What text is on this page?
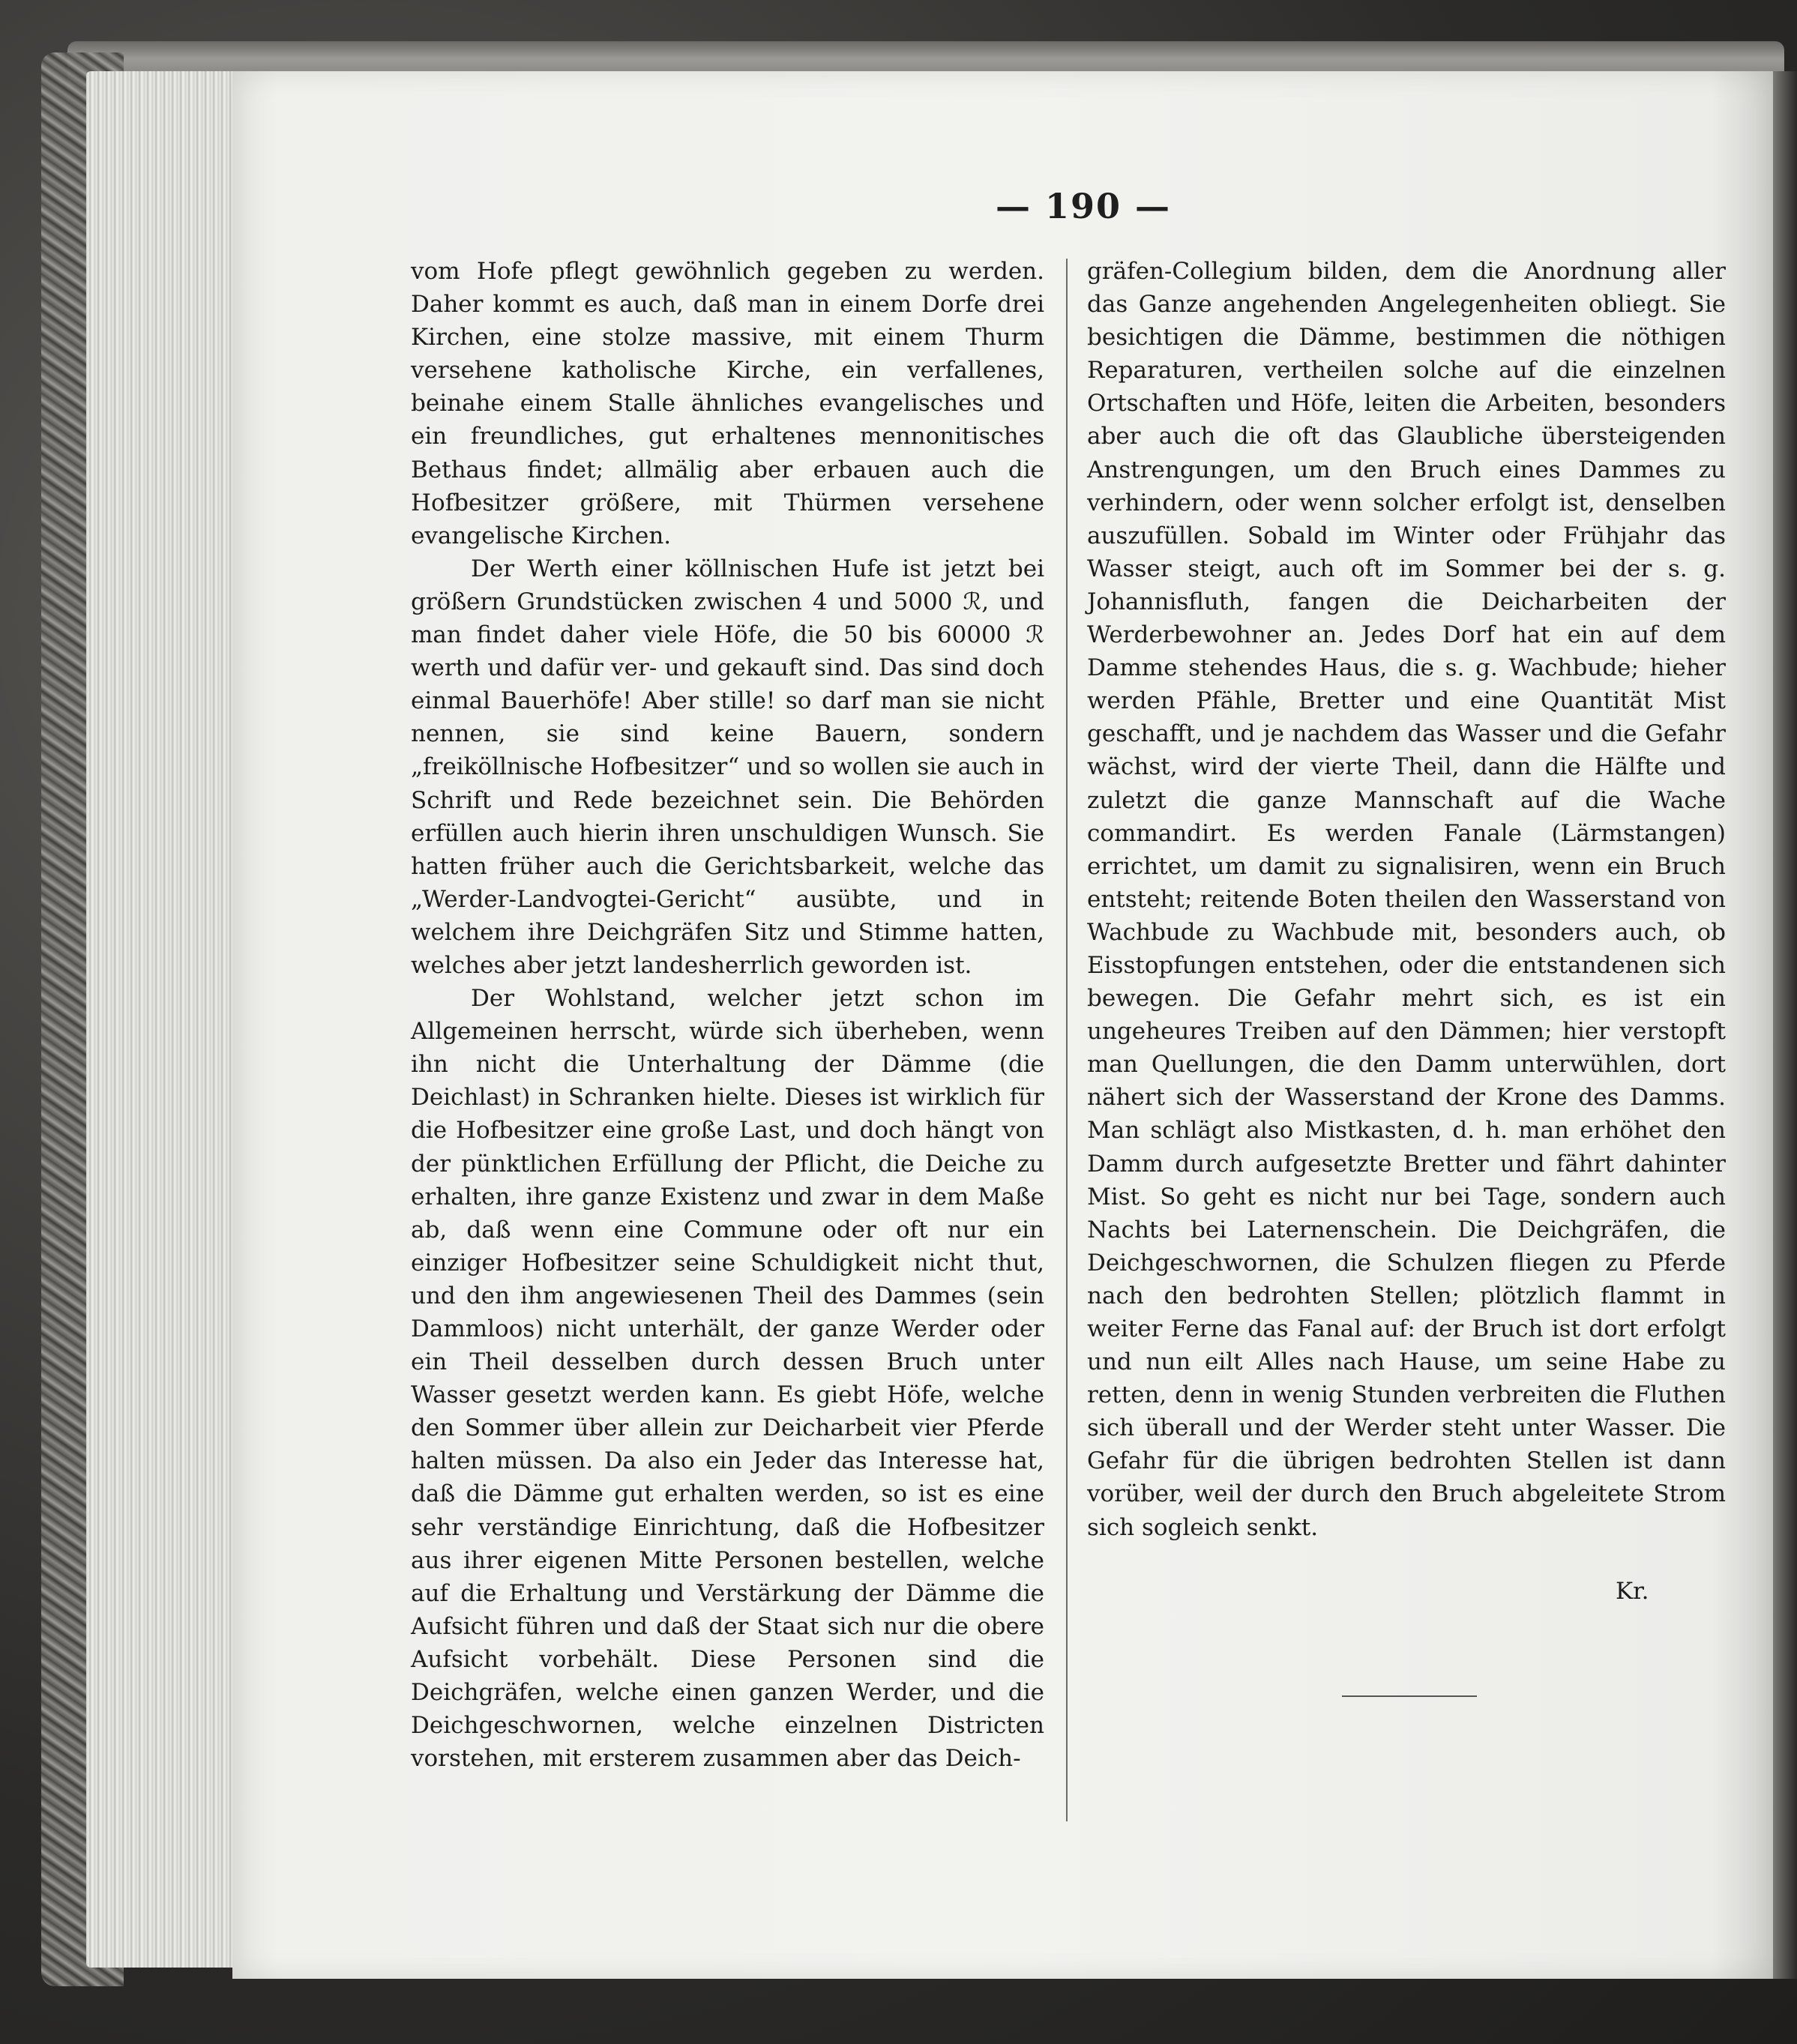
— 190 —

vom Hofe pflegt gewöhnlich gegeben zu werden. Daher kommt es auch, daß man in einem Dorfe drei Kirchen, eine stolze massive, mit einem Thurm versehene katholische Kirche, ein verfallenes, beinahe einem Stalle ähnliches evangelisches und ein freundliches, gut erhaltenes mennonitisches Bethaus findet; allmälig aber erbauen auch die Hofbesitzer größere, mit Thürmen versehene evangelische Kirchen.

Der Werth einer köllnischen Hufe ist jetzt bei größern Grundstücken zwischen 4 und 5000 ℛ, und man findet daher viele Höfe, die 50 bis 60000 ℛ werth und dafür ver- und gekauft sind. Das sind doch einmal Bauerhöfe! Aber stille! so darf man sie nicht nennen, sie sind keine Bauern, sondern „freiköllnische Hofbesitzer“ und so wollen sie auch in Schrift und Rede bezeichnet sein. Die Behörden erfüllen auch hierin ihren unschuldigen Wunsch. Sie hatten früher auch die Gerichtsbarkeit, welche das „Werder-Landvogtei-Gericht“ ausübte, und in welchem ihre Deichgräfen Sitz und Stimme hatten, welches aber jetzt landesherrlich geworden ist.

Der Wohlstand, welcher jetzt schon im Allgemeinen herrscht, würde sich überheben, wenn ihn nicht die Unterhaltung der Dämme (die Deichlast) in Schranken hielte. Dieses ist wirklich für die Hofbesitzer eine große Last, und doch hängt von der pünktlichen Erfüllung der Pflicht, die Deiche zu erhalten, ihre ganze Existenz und zwar in dem Maße ab, daß wenn eine Commune oder oft nur ein einziger Hofbesitzer seine Schuldigkeit nicht thut, und den ihm angewiesenen Theil des Dammes (sein Dammloos) nicht unterhält, der ganze Werder oder ein Theil desselben durch dessen Bruch unter Wasser gesetzt werden kann. Es giebt Höfe, welche den Sommer über allein zur Deicharbeit vier Pferde halten müssen. Da also ein Jeder das Interesse hat, daß die Dämme gut erhalten werden, so ist es eine sehr verständige Einrichtung, daß die Hofbesitzer aus ihrer eigenen Mitte Personen bestellen, welche auf die Erhaltung und Verstärkung der Dämme die Aufsicht führen und daß der Staat sich nur die obere Aufsicht vorbehält. Diese Personen sind die Deichgräfen, welche einen ganzen Werder, und die Deichgeschwornen, welche einzelnen Districten vorstehen, mit ersterem zusammen aber das Deich-

gräfen-Collegium bilden, dem die Anordnung aller das Ganze angehenden Angelegenheiten obliegt. Sie besichtigen die Dämme, bestimmen die nöthigen Reparaturen, vertheilen solche auf die einzelnen Ortschaften und Höfe, leiten die Arbeiten, besonders aber auch die oft das Glaubliche übersteigenden Anstrengungen, um den Bruch eines Dammes zu verhindern, oder wenn solcher erfolgt ist, denselben auszufüllen. Sobald im Winter oder Frühjahr das Wasser steigt, auch oft im Sommer bei der s. g. Johannisfluth, fangen die Deicharbeiten der Werderbewohner an. Jedes Dorf hat ein auf dem Damme stehendes Haus, die s. g. Wachbude; hieher werden Pfähle, Bretter und eine Quantität Mist geschafft, und je nachdem das Wasser und die Gefahr wächst, wird der vierte Theil, dann die Hälfte und zuletzt die ganze Mannschaft auf die Wache commandirt. Es werden Fanale (Lärmstangen) errichtet, um damit zu signalisiren, wenn ein Bruch entsteht; reitende Boten theilen den Wasserstand von Wachbude zu Wachbude mit, besonders auch, ob Eisstopfungen entstehen, oder die entstandenen sich bewegen. Die Gefahr mehrt sich, es ist ein ungeheures Treiben auf den Dämmen; hier verstopft man Quellungen, die den Damm unterwühlen, dort nähert sich der Wasserstand der Krone des Damms. Man schlägt also Mistkasten, d. h. man erhöhet den Damm durch aufgesetzte Bretter und fährt dahinter Mist. So geht es nicht nur bei Tage, sondern auch Nachts bei Laternenschein. Die Deichgräfen, die Deichgeschwornen, die Schulzen fliegen zu Pferde nach den bedrohten Stellen; plötzlich flammt in weiter Ferne das Fanal auf: der Bruch ist dort erfolgt und nun eilt Alles nach Hause, um seine Habe zu retten, denn in wenig Stunden verbreiten die Fluthen sich überall und der Werder steht unter Wasser. Die Gefahr für die übrigen bedrohten Stellen ist dann vorüber, weil der durch den Bruch abgeleitete Strom sich sogleich senkt.

Kr.
